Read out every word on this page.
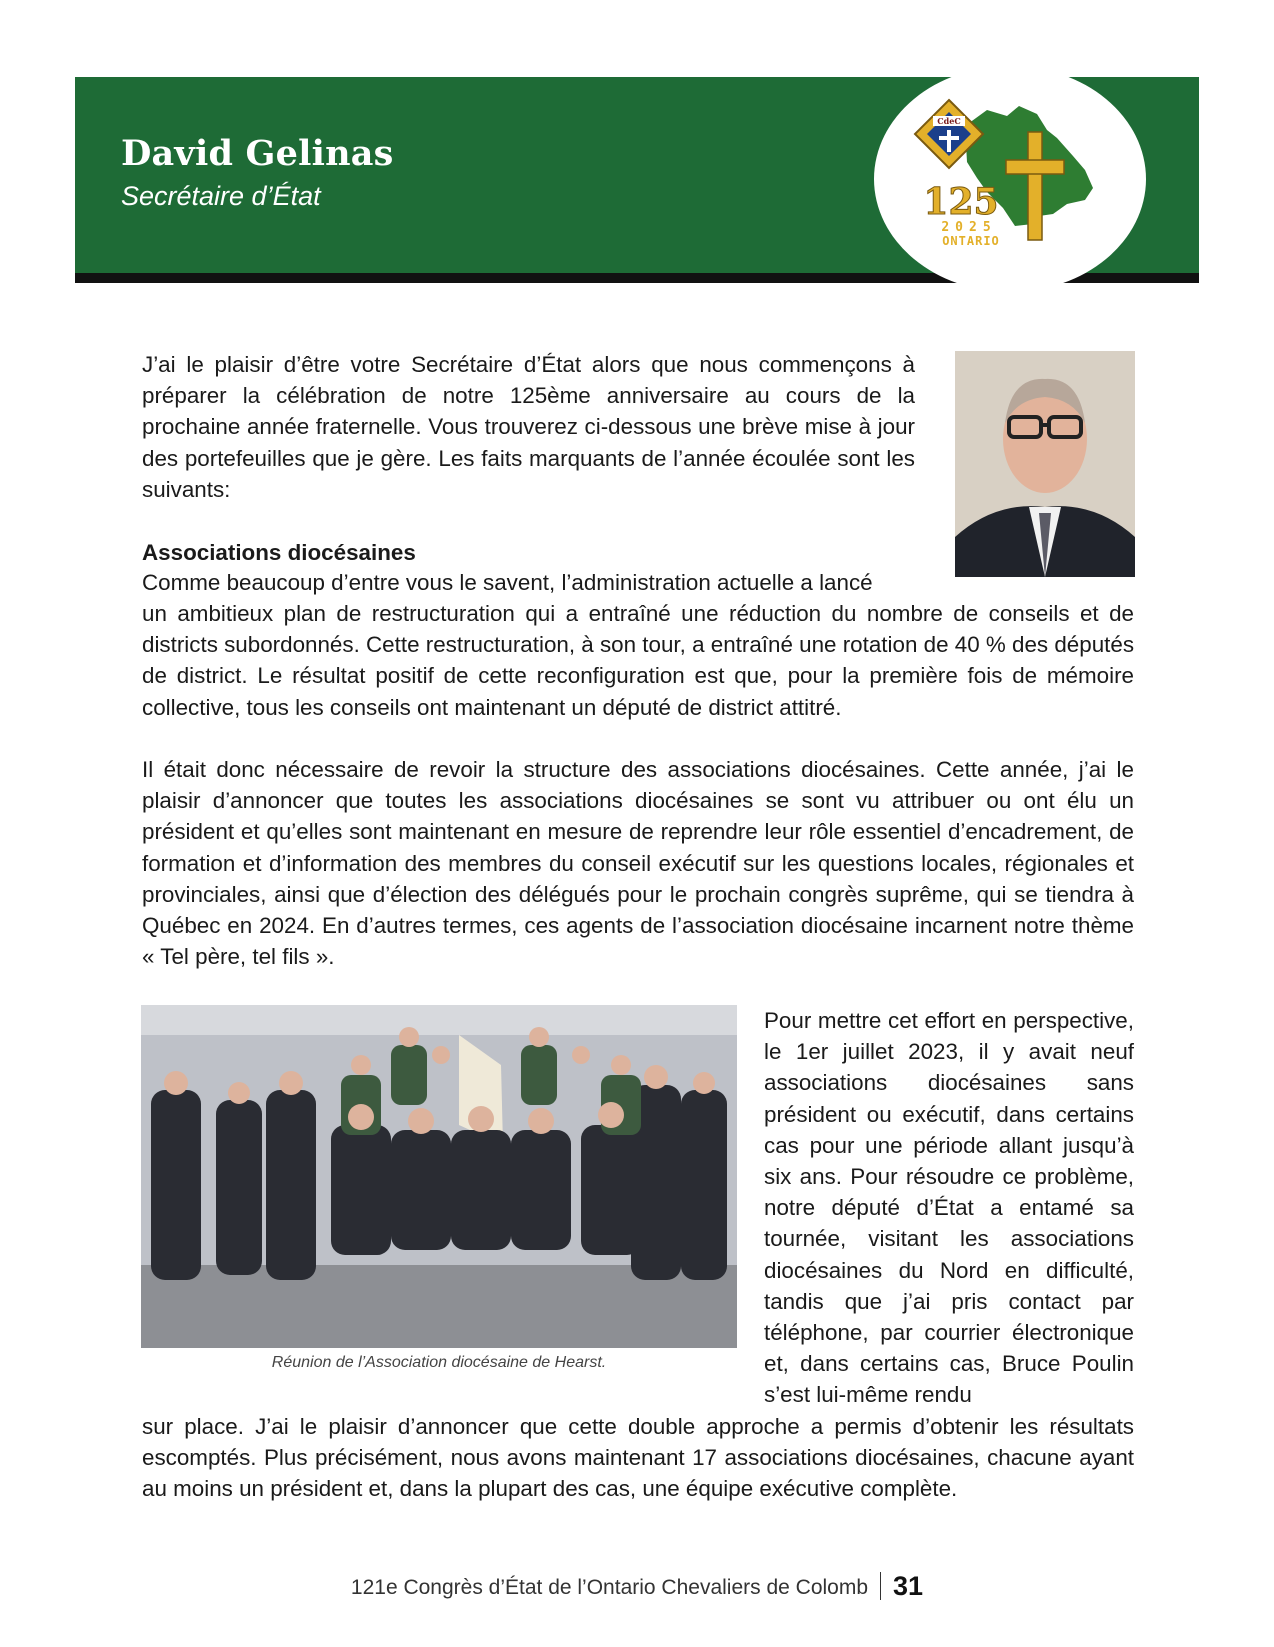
David Gelinas
Secrétaire d’État
CdeC
125
2025
ONTARIO

J’ai le plaisir d’être votre Secrétaire d’État alors que nous commençons à préparer la célébration de notre 125ème anniversaire au cours de la prochaine année fraternelle. Vous trouverez ci-dessous une brève mise à jour des portefeuilles que je gère. Les faits marquants de l’année écoulée sont les suivants:

Associations diocésaines

Comme beaucoup d’entre vous le savent, l’administration actuelle a lancé

un ambitieux plan de restructuration qui a entraîné une réduction du nombre de conseils et de districts subordonnés. Cette restructuration, à son tour, a entraîné une rotation de 40 % des députés de district. Le résultat positif de cette reconfiguration est que, pour la première fois de mémoire collective, tous les conseils ont maintenant un député de district attitré.

Il était donc nécessaire de revoir la structure des associations diocésaines. Cette année, j’ai le plaisir d’annoncer que toutes les associations diocésaines se sont vu attribuer ou ont élu un président et qu’elles sont maintenant en mesure de reprendre leur rôle essentiel d’encadrement, de formation et d’information des membres du conseil exécutif sur les questions locales, régionales et provinciales, ainsi que d’élection des délégués pour le prochain congrès suprême, qui se tiendra à Québec en 2024. En d’autres termes, ces agents de l’association diocésaine incarnent notre thème « Tel père, tel fils ».

Réunion de l’Association diocésaine de Hearst.

Pour mettre cet effort en perspective, le 1er juillet 2023, il y avait neuf associations diocésaines sans président ou exécutif, dans certains cas pour une période allant jusqu’à six ans. Pour résoudre ce problème, notre député d’État a entamé sa tournée, visitant les associations diocésaines du Nord en difficulté, tandis que j’ai pris contact par téléphone, par courrier électronique et, dans certains cas, Bruce Poulin s’est lui-même rendu

sur place. J’ai le plaisir d’annoncer que cette double approche a permis d’obtenir les résultats escomptés. Plus précisément, nous avons maintenant 17 associations diocésaines, chacune ayant au moins un président et, dans la plupart des cas, une équipe exécutive complète.

121e Congrès d’État de l’Ontario Chevaliers de Colomb 31
